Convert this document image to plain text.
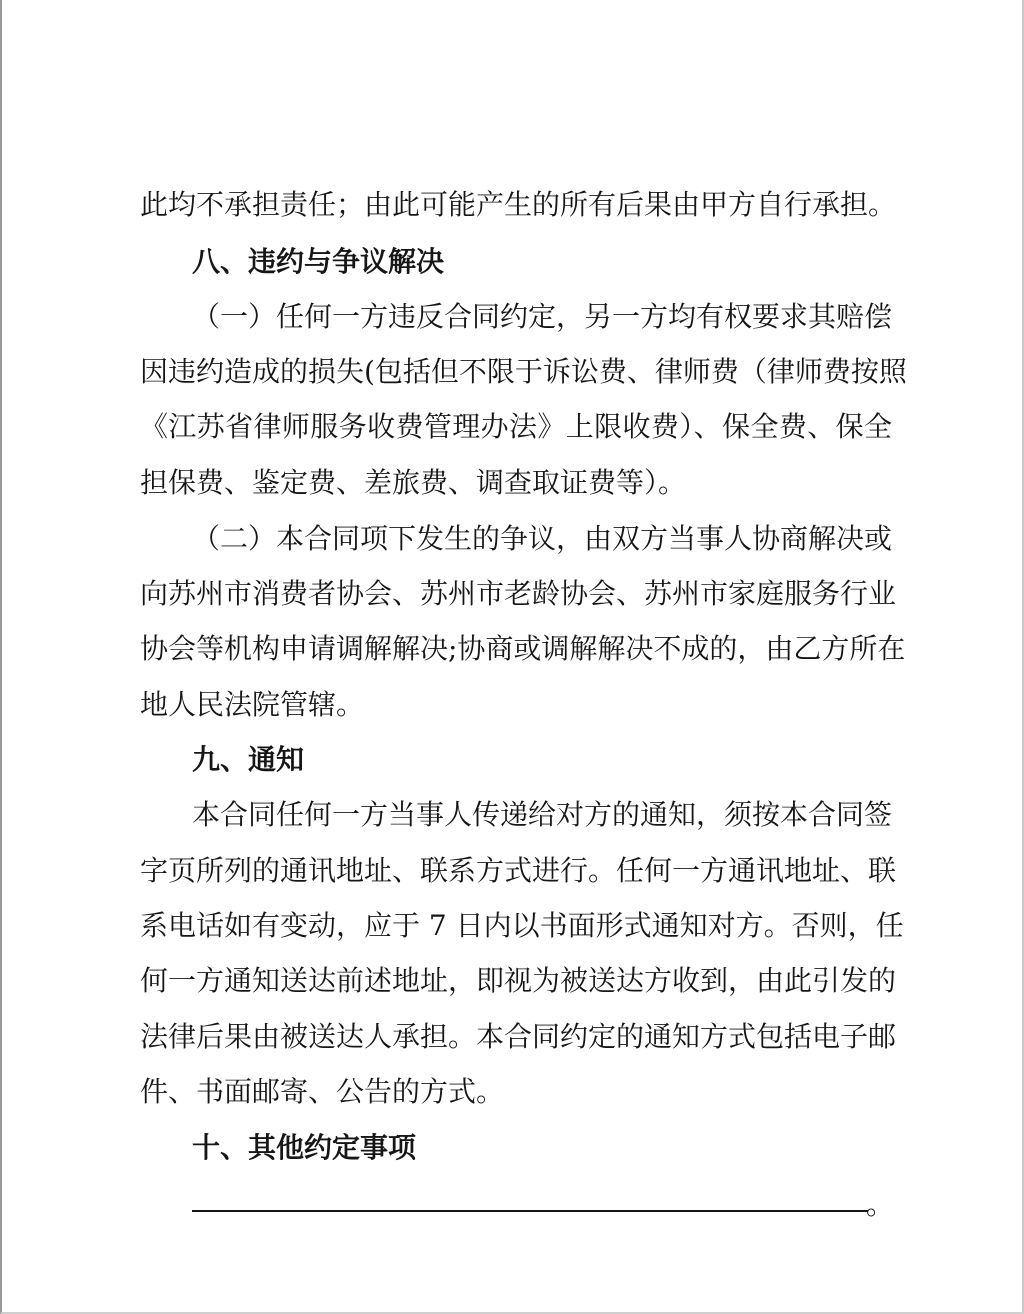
此均不承担责任；由此可能产生的所有后果由甲方自行承担。
八、违约与争议解决
（一）任何一方违反合同约定，另一方均有权要求其赔偿
因违约造成的损失(包括但不限于诉讼费、律师费（律师费按照
《江苏省律师服务收费管理办法》上限收费）、保全费、保全
担保费、鉴定费、差旅费、调查取证费等）。
（二）本合同项下发生的争议，由双方当事人协商解决或
向苏州市消费者协会、苏州市老龄协会、苏州市家庭服务行业
协会等机构申请调解解决;协商或调解解决不成的，由乙方所在
地人民法院管辖。
九、通知
本合同任何一方当事人传递给对方的通知，须按本合同签
字页所列的通讯地址、联系方式进行。任何一方通讯地址、联
系电话如有变动，应于 7 日内以书面形式通知对方。否则，任
何一方通知送达前述地址，即视为被送达方收到，由此引发的
法律后果由被送达人承担。本合同约定的通知方式包括电子邮
件、书面邮寄、公告的方式。
十、其他约定事项
。
